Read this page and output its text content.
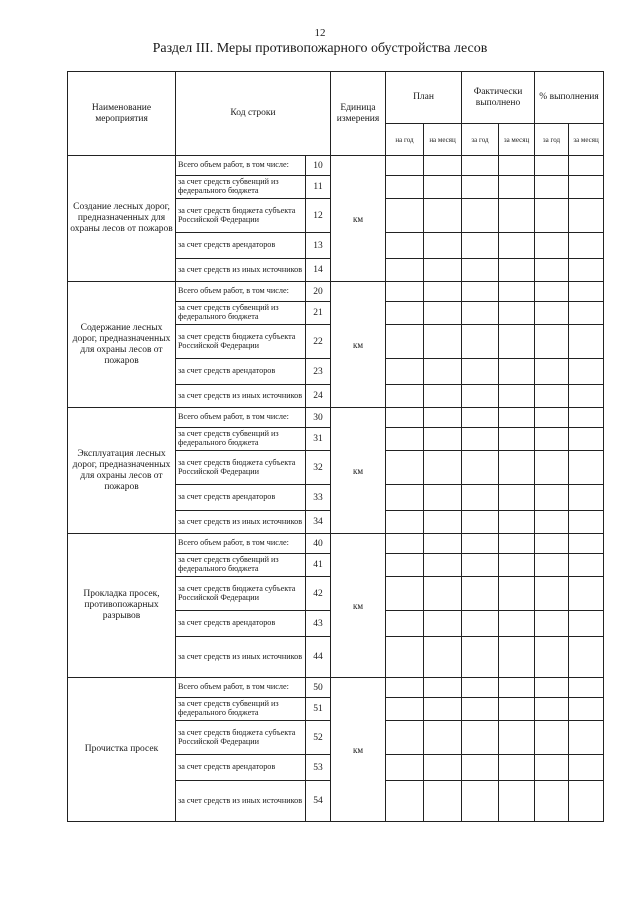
12
Раздел III. Меры противопожарного обустройства лесов
Наименование мероприятия	Код строки		Единица измерения	План		Фактически выполнено		% выполнения	
				на год	на месяц	за год	за месяц	за год	за месяц
Создание лесных дорог, предназначенных для охраны лесов от пожаров	Всего объем работ, в том числе:	10	км						
	за счет средств субвенций из федерального бюджета	11							
	за счет средств бюджета субъекта Российской Федерации	12							
	за счет средств арендаторов	13							
	за счет средств из иных источников	14							
Содержание лесных дорог, предназначенных для охраны лесов от пожаров	Всего объем работ, в том числе:	20	км						
	за счет средств субвенций из федерального бюджета	21							
	за счет средств бюджета субъекта Российской Федерации	22							
	за счет средств арендаторов	23							
	за счет средств из иных источников	24							
Эксплуатация лесных дорог, предназначенных для охраны лесов от пожаров	Всего объем работ, в том числе:	30	км						
	за счет средств субвенций из федерального бюджета	31							
	за счет средств бюджета субъекта Российской Федерации	32							
	за счет средств арендаторов	33							
	за счет средств из иных источников	34							
Прокладка просек, противопожарных разрывов	Всего объем работ, в том числе:	40	км						
	за счет средств субвенций из федерального бюджета	41							
	за счет средств бюджета субъекта Российской Федерации	42							
	за счет средств арендаторов	43							
	за счет средств из иных источников	44							
Прочистка просек	Всего объем работ, в том числе:	50	км						
	за счет средств субвенций из федерального бюджета	51							
	за счет средств бюджета субъекта Российской Федерации	52							
	за счет средств арендаторов	53							
	за счет средств из иных источников	54							
